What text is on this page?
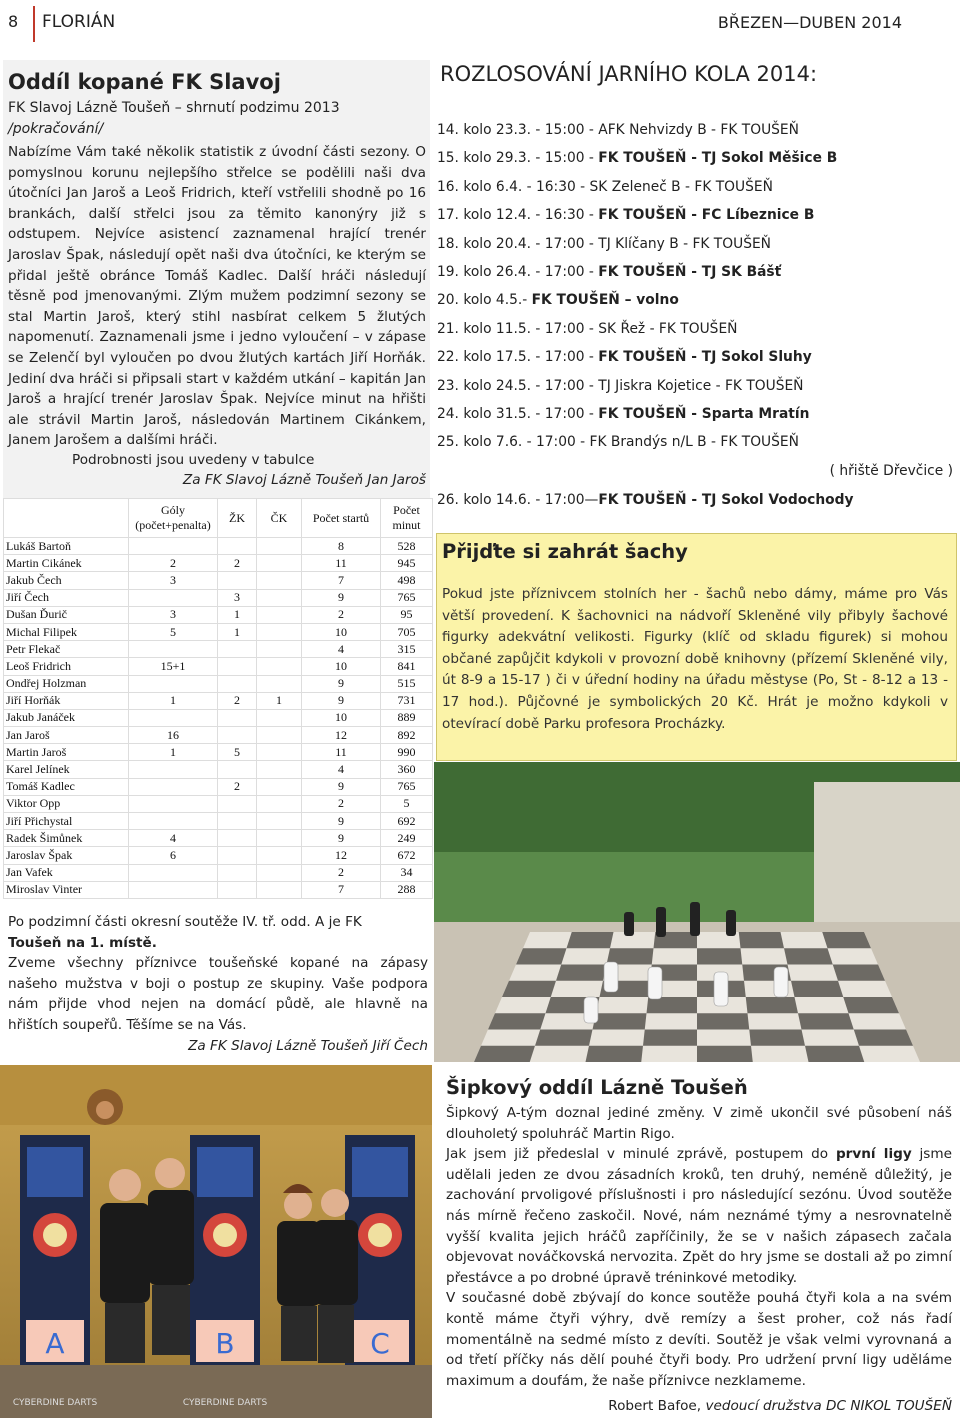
8 FLORIÁN	BŘEZEN—DUBEN 2014
Oddíl kopané FK Slavoj
FK Slavoj Lázně Toušeň – shrnutí podzimu 2013
/pokračování/

Nabízíme Vám také několik statistik z úvodní části sezony. O pomyslnou korunu nejlepšího střelce se podělili naši dva útočníci Jan Jaroš a Leoš Fridrich, kteří vstřelili shodně po 16 brankách, další střelci jsou za těmito kanonýry již s odstupem. Nejvíce asistencí zaznamenal hrající trenér Jaroslav Špak, následují opět naši dva útočníci, ke kterým se přidal ještě obránce Tomáš Kadlec. Další hráči následují těsně pod jmenovanými. Zlým mužem podzimní sezony se stal Martin Jaroš, který stihl nasbírat celkem 5 žlutých napomenutí. Zaznamenali jsme i jedno vyloučení – v zápase se Zelenčí byl vyloučen po dvou žlutých kartách Jiří Horňák. Jediní dva hráči si připsali start v každém utkání – kapitán Jan Jaroš a hrající trenér Jaroslav Špak. Nejvíce minut na hřišti ale strávil Martin Jaroš, následován Martinem Cikánkem, Janem Jarošem a dalšími hráči.

Podrobnosti jsou uvedeny v tabulce
Za FK Slavoj Lázně Toušeň Jan Jaroš
	Góly (počet+penalta)	ŽK	ČK	Počet startů	Počet minut
Lukáš Bartoň				8	528
Martin Cikánek	2	2		11	945
Jakub Čech	3			7	498
Jiří Čech		3		9	765
Dušan Ďurič	3	1		2	95
Michal Filipek	5	1		10	705
Petr Flekač				4	315
Leoš Fridrich	15+1			10	841
Ondřej Holzman				9	515
Jiří Horňák	1	2	1	9	731
Jakub Janáček				10	889
Jan Jaroš	16			12	892
Martin Jaroš	1	5		11	990
Karel Jelínek				4	360
Tomáš Kadlec		2		9	765
Viktor Opp				2	5
Jiří Přichystal				9	692
Radek Šimůnek	4			9	249
Jaroslav Špak	6			12	672
Jan Vafek				2	34
Miroslav Vinter				7	288

Po podzimní části okresní soutěže IV. tř. odd. A je FK

Toušeň na 1. místě.

Zveme všechny příznivce toušeňské kopané na zápasy našeho mužstva v boji o postup ze skupiny. Vaše podpora nám přijde vhod nejen na domácí půdě, ale hlavně na hřištích soupeřů. Těšíme se na Vás.

Za FK Slavoj Lázně Toušeň Jiří Čech

A	B	C
CYBERDINE DARTS	CYBERDINE DARTS
ROZLOSOVÁNÍ JARNÍHO KOLA 2014:
14. kolo 23.3. - 15:00 - AFK Nehvizdy B - FK TOUŠEŇ
15. kolo 29.3. - 15:00 - FK TOUŠEŇ - TJ Sokol Měšice B
16. kolo 6.4. - 16:30 - SK Zeleneč B - FK TOUŠEŇ
17. kolo 12.4. - 16:30 - FK TOUŠEŇ - FC Líbeznice B
18. kolo 20.4. - 17:00 - TJ Klíčany B - FK TOUŠEŇ
19. kolo 26.4. - 17:00 - FK TOUŠEŇ - TJ SK Bášť
20. kolo 4.5.- FK TOUŠEŇ – volno
21. kolo 11.5. - 17:00 - SK Řež - FK TOUŠEŇ
22. kolo 17.5. - 17:00 - FK TOUŠEŇ - TJ Sokol Sluhy
23. kolo 24.5. - 17:00 - TJ Jiskra Kojetice - FK TOUŠEŇ
24. kolo 31.5. - 17:00 - FK TOUŠEŇ - Sparta Mratín
25. kolo 7.6. - 17:00 - FK Brandýs n/L B - FK TOUŠEŇ
( hřiště Dřevčice )
26. kolo 14.6. - 17:00—FK TOUŠEŇ - TJ Sokol Vodochody
Přijďte si zahrát šachy
Pokud jste příznivcem stolních her - šachů nebo dámy, máme pro Vás větší provedení. K šachovnici na nádvoří Skleněné vily přibyly šachové figurky adekvátní velikosti. Figurky (klíč od skladu figurek) si mohou občané zapůjčit kdykoli v provozní době knihovny (přízemí Skleněné vily, út 8-9 a 15-17 ) či v úřední hodiny na úřadu městyse (Po, St - 8-12 a 13 - 17 hod.). Půjčovné je symbolických 20 Kč. Hrát je možno kdykoli v otevírací době Parku profesora Procházky.
Šipkový oddíl Lázně Toušeň

Šipkový A-tým doznal jediné změny. V zimě ukončil své působení náš dlouholetý spoluhráč Martin Rigo.

Jak jsem již předeslal v minulé zprávě, postupem do první ligy jsme udělali jeden ze dvou zásadních kroků, ten druhý, neméně důležitý, je zachování prvoligové příslušnosti i pro následující sezónu. Úvod soutěže nás mírně řečeno zaskočil. Nové, nám neznámé týmy a nesrovnatelně vyšší kvalita jejich hráčů zapříčinily, že se v našich zápasech začala objevovat nováčkovská nervozita. Zpět do hry jsme se dostali až po zimní přestávce a po drobné úpravě tréninkové metodiky.

V současné době zbývají do konce soutěže pouhá čtyři kola a na svém kontě máme čtyři výhry, dvě remízy a šest proher, což nás řadí momentálně na sedmé místo z devíti. Soutěž je však velmi vyrovnaná a od třetí příčky nás dělí pouhé čtyři body. Pro udržení první ligy uděláme maximum a doufám, že naše příznivce nezklameme.

Robert Bafoe, vedoucí družstva DC NIKOL TOUŠEŇ
